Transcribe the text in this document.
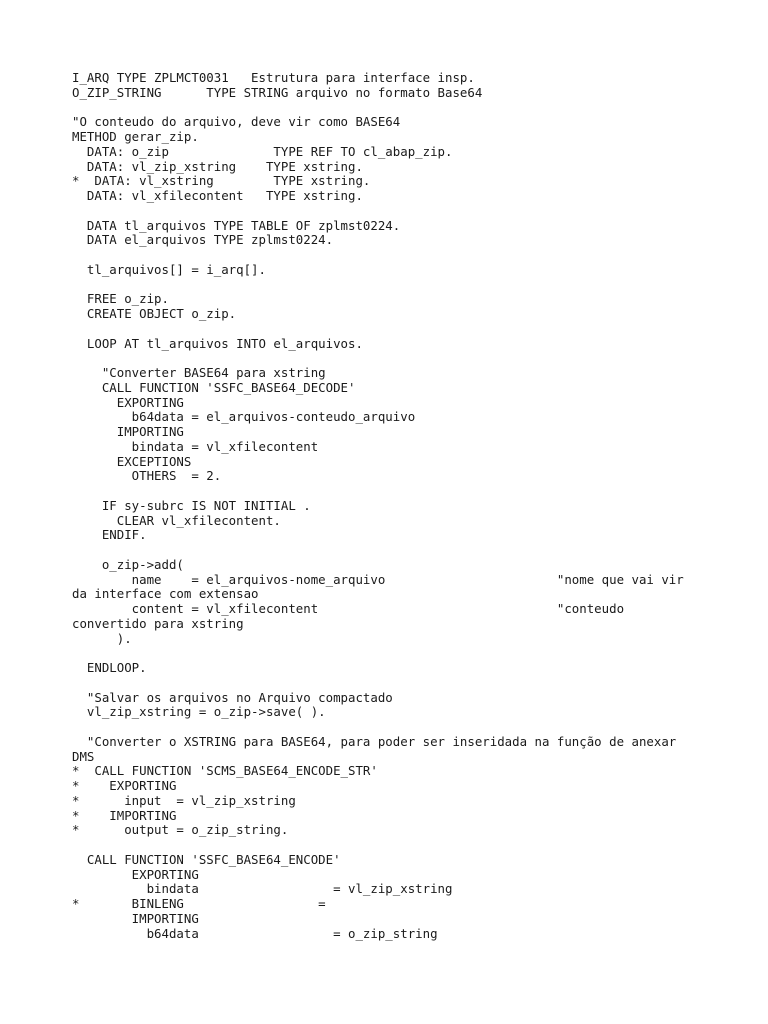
I_ARQ TYPE ZPLMCT0031   Estrutura para interface insp.
O_ZIP_STRING      TYPE STRING arquivo no formato Base64
"O conteudo do arquivo, deve vir como BASE64
METHOD gerar_zip.
DATA: o_zip              TYPE REF TO cl_abap_zip.
DATA: vl_zip_xstring    TYPE xstring.
*  DATA: vl_xstring        TYPE xstring.
DATA: vl_xfilecontent   TYPE xstring.
DATA tl_arquivos TYPE TABLE OF zplmst0224.
DATA el_arquivos TYPE zplmst0224.
tl_arquivos[] = i_arq[].
FREE o_zip.
CREATE OBJECT o_zip.
LOOP AT tl_arquivos INTO el_arquivos.
"Converter BASE64 para xstring
CALL FUNCTION 'SSFC_BASE64_DECODE'
EXPORTING
b64data = el_arquivos-conteudo_arquivo
IMPORTING
bindata = vl_xfilecontent
EXCEPTIONS
OTHERS  = 2.
IF sy-subrc IS NOT INITIAL .
CLEAR vl_xfilecontent.
ENDIF.
o_zip->add(
name    = el_arquivos-nome_arquivo                       "nome que vai vir
da interface com extensao
content = vl_xfilecontent                                "conteudo
convertido para xstring
).
ENDLOOP.
"Salvar os arquivos no Arquivo compactado
vl_zip_xstring = o_zip->save( ).
"Converter o XSTRING para BASE64, para poder ser inseridada na função de anexar
DMS
*  CALL FUNCTION 'SCMS_BASE64_ENCODE_STR'
*    EXPORTING
*      input  = vl_zip_xstring
*    IMPORTING
*      output = o_zip_string.
CALL FUNCTION 'SSFC_BASE64_ENCODE'
EXPORTING
bindata                  = vl_zip_xstring
*       BINLENG                  =
IMPORTING
b64data                  = o_zip_string
